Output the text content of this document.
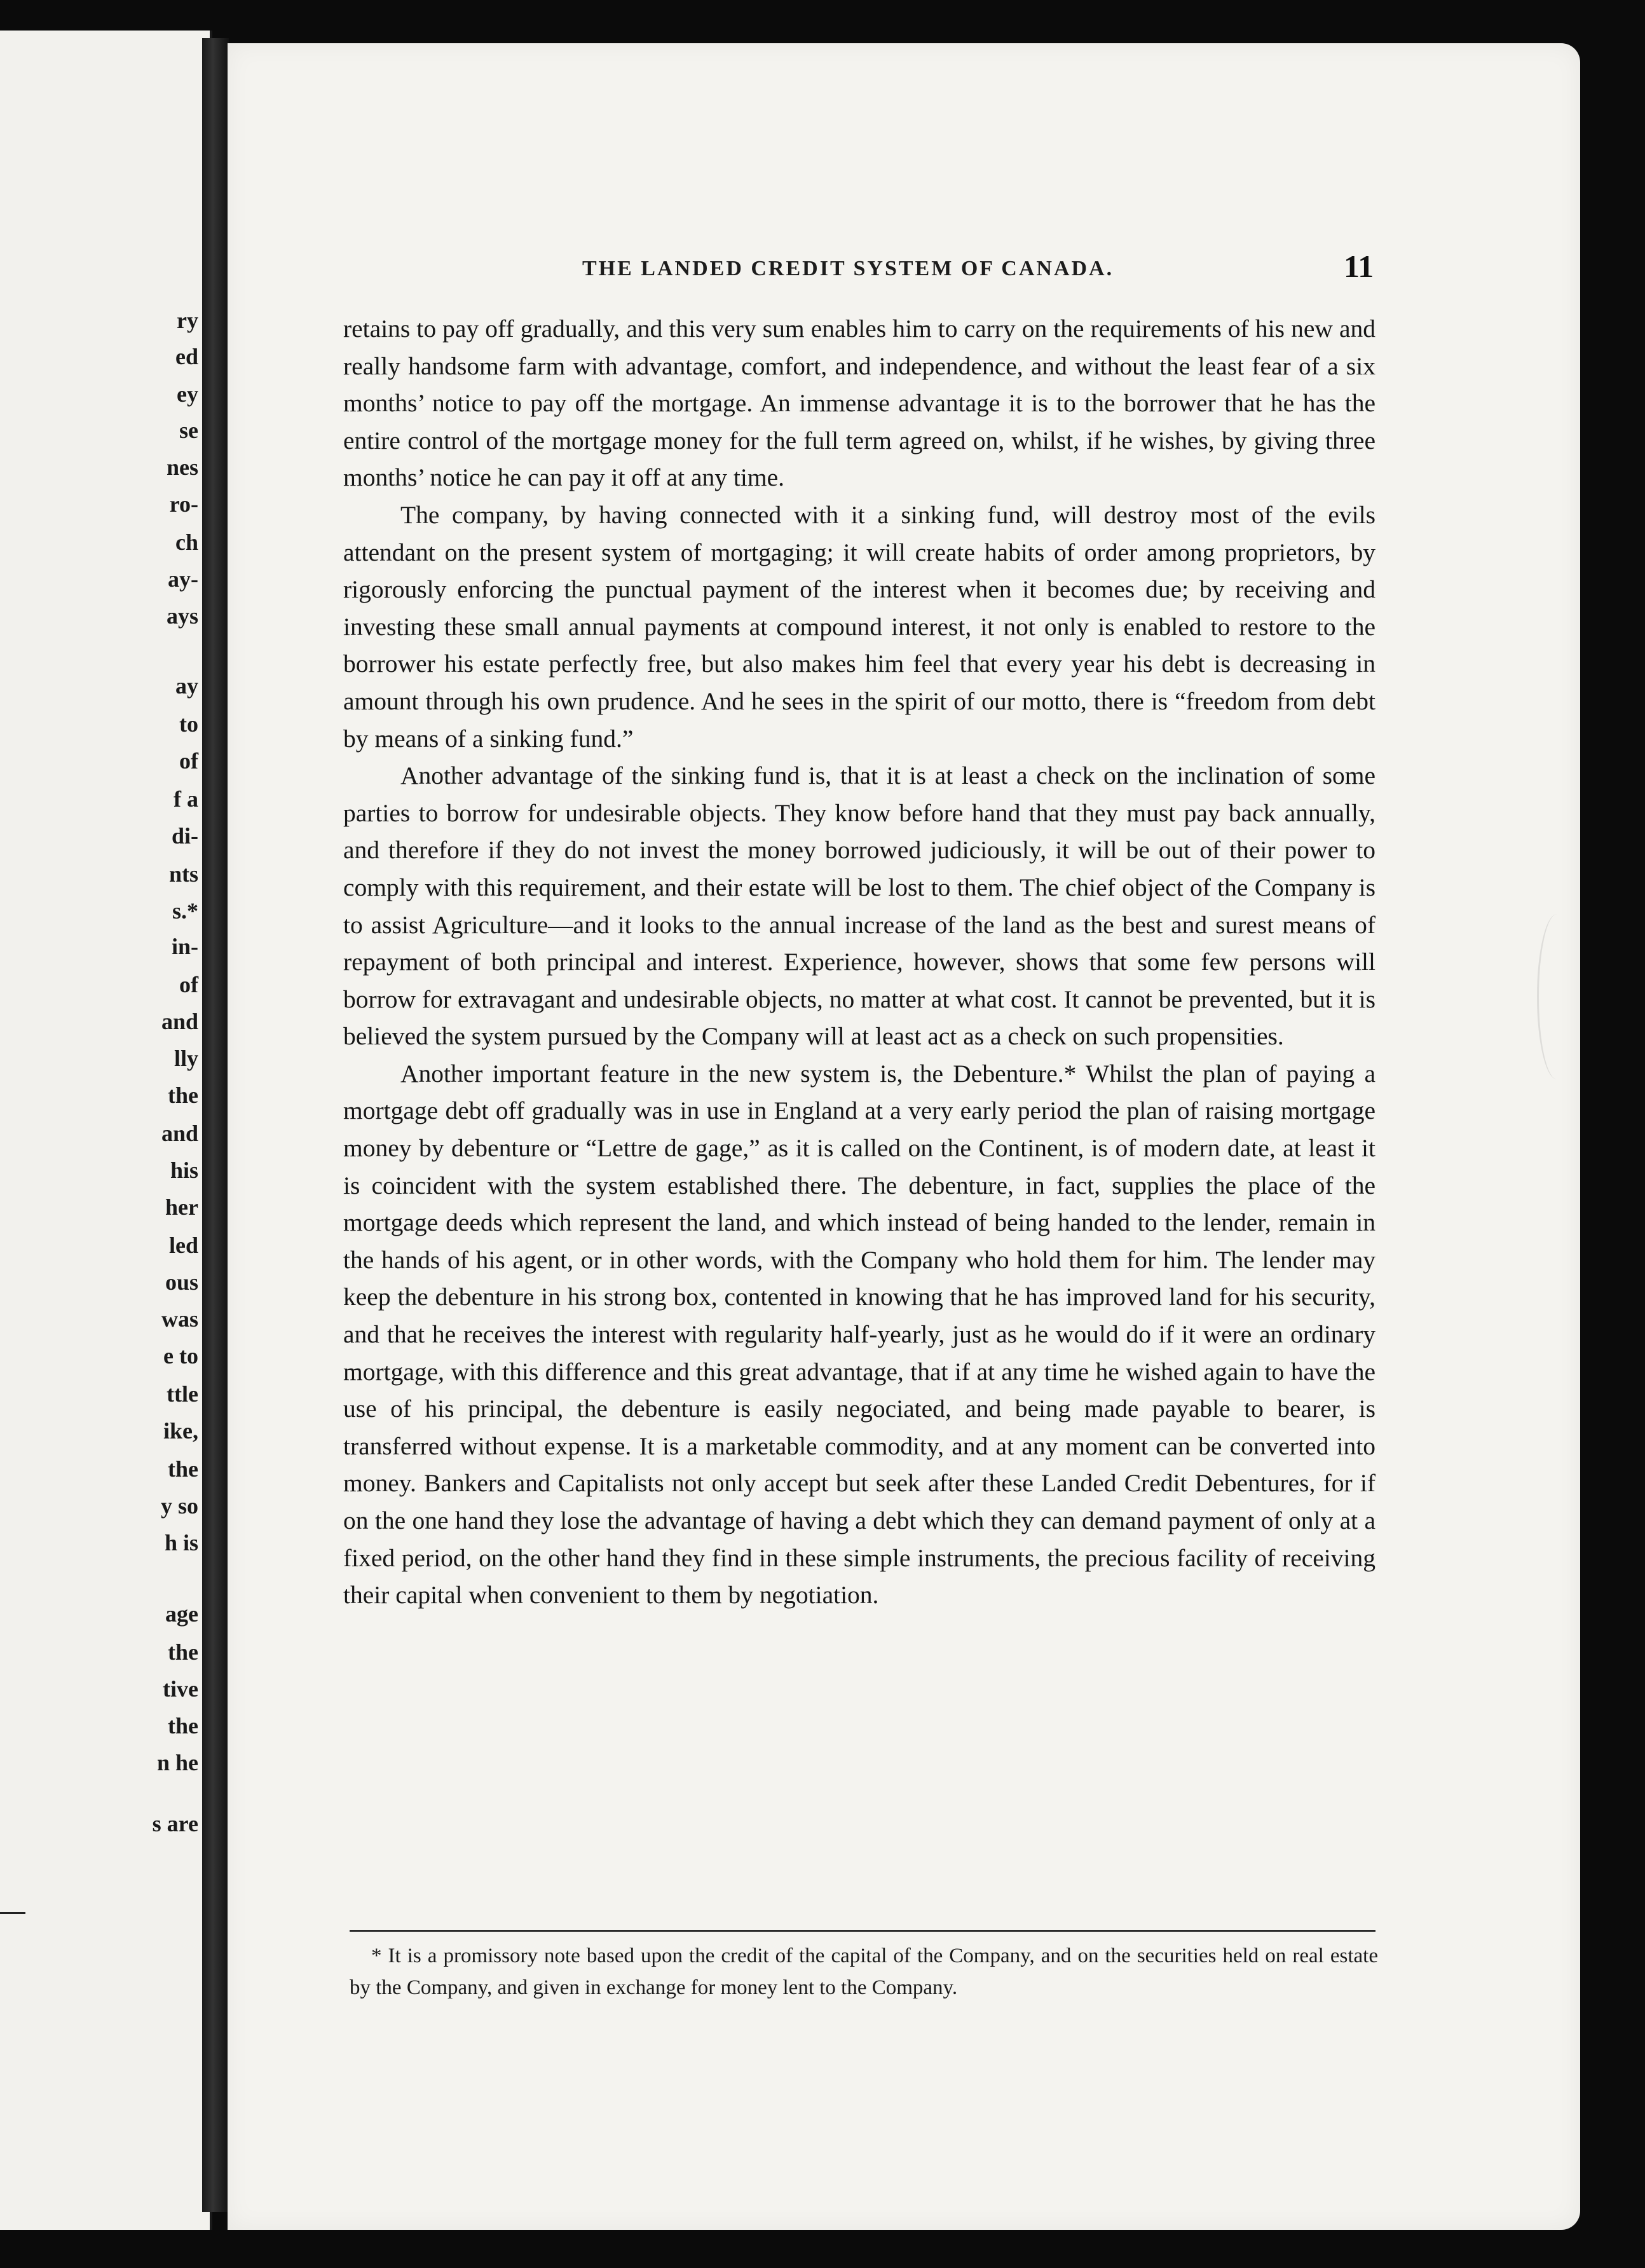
ry
ed
ey
se
nes
ro-
ch
ay-
ays
ay
to
of
f a
di-
nts
s.*
in-
of
and
lly
the
and
his
her
led
ous
was
e to
ttle
ike,
the
y so
h is
age
the
tive
the
n he
s are
THE LANDED CREDIT SYSTEM OF CANADA.	11

retains to pay off gradually, and this very sum enables him to carry on the requirements of his new and really handsome farm with advantage, comfort, and independence, and without the least fear of a six months’ notice to pay off the mortgage. An immense advantage it is to the borrower that he has the entire control of the mortgage money for the full term agreed on, whilst, if he wishes, by giving three months’ notice he can pay it off at any time.

The company, by having connected with it a sinking fund, will destroy most of the evils attendant on the present system of mortgaging; it will create habits of order among proprietors, by rigorously enforcing the punctual payment of the interest when it becomes due; by receiving and investing these small annual payments at compound interest, it not only is enabled to restore to the borrower his estate perfectly free, but also makes him feel that every year his debt is decreasing in amount through his own prudence. And he sees in the spirit of our motto, there is “freedom from debt by means of a sinking fund.”

Another advantage of the sinking fund is, that it is at least a check on the inclination of some parties to borrow for undesirable objects. They know before hand that they must pay back annually, and therefore if they do not invest the money borrowed judiciously, it will be out of their power to comply with this requirement, and their estate will be lost to them. The chief object of the Company is to assist Agriculture—and it looks to the annual increase of the land as the best and surest means of repayment of both principal and interest. Experience, however, shows that some few persons will borrow for extravagant and undesirable objects, no matter at what cost. It cannot be prevented, but it is believed the system pursued by the Company will at least act as a check on such propensities.

Another important feature in the new system is, the Debenture.* Whilst the plan of paying a mortgage debt off gradually was in use in England at a very early period the plan of raising mortgage money by debenture or “Lettre de gage,” as it is called on the Continent, is of modern date, at least it is coincident with the system established there. The debenture, in fact, supplies the place of the mortgage deeds which represent the land, and which instead of being handed to the lender, remain in the hands of his agent, or in other words, with the Company who hold them for him. The lender may keep the debenture in his strong box, contented in knowing that he has improved land for his security, and that he receives the interest with regularity half-yearly, just as he would do if it were an ordinary mortgage, with this difference and this great advantage, that if at any time he wished again to have the use of his principal, the debenture is easily negociated, and being made payable to bearer, is transferred without expense. It is a marketable commodity, and at any moment can be converted into money. Bankers and Capitalists not only accept but seek after these Landed Credit Debentures, for if on the one hand they lose the advantage of having a debt which they can demand payment of only at a fixed period, on the other hand they find in these simple instruments, the precious facility of receiving their capital when convenient to them by negotiation.

* It is a promissory note based upon the credit of the capital of the Company, and on the securities held on real estate by the Company, and given in exchange for money lent to the Company.
